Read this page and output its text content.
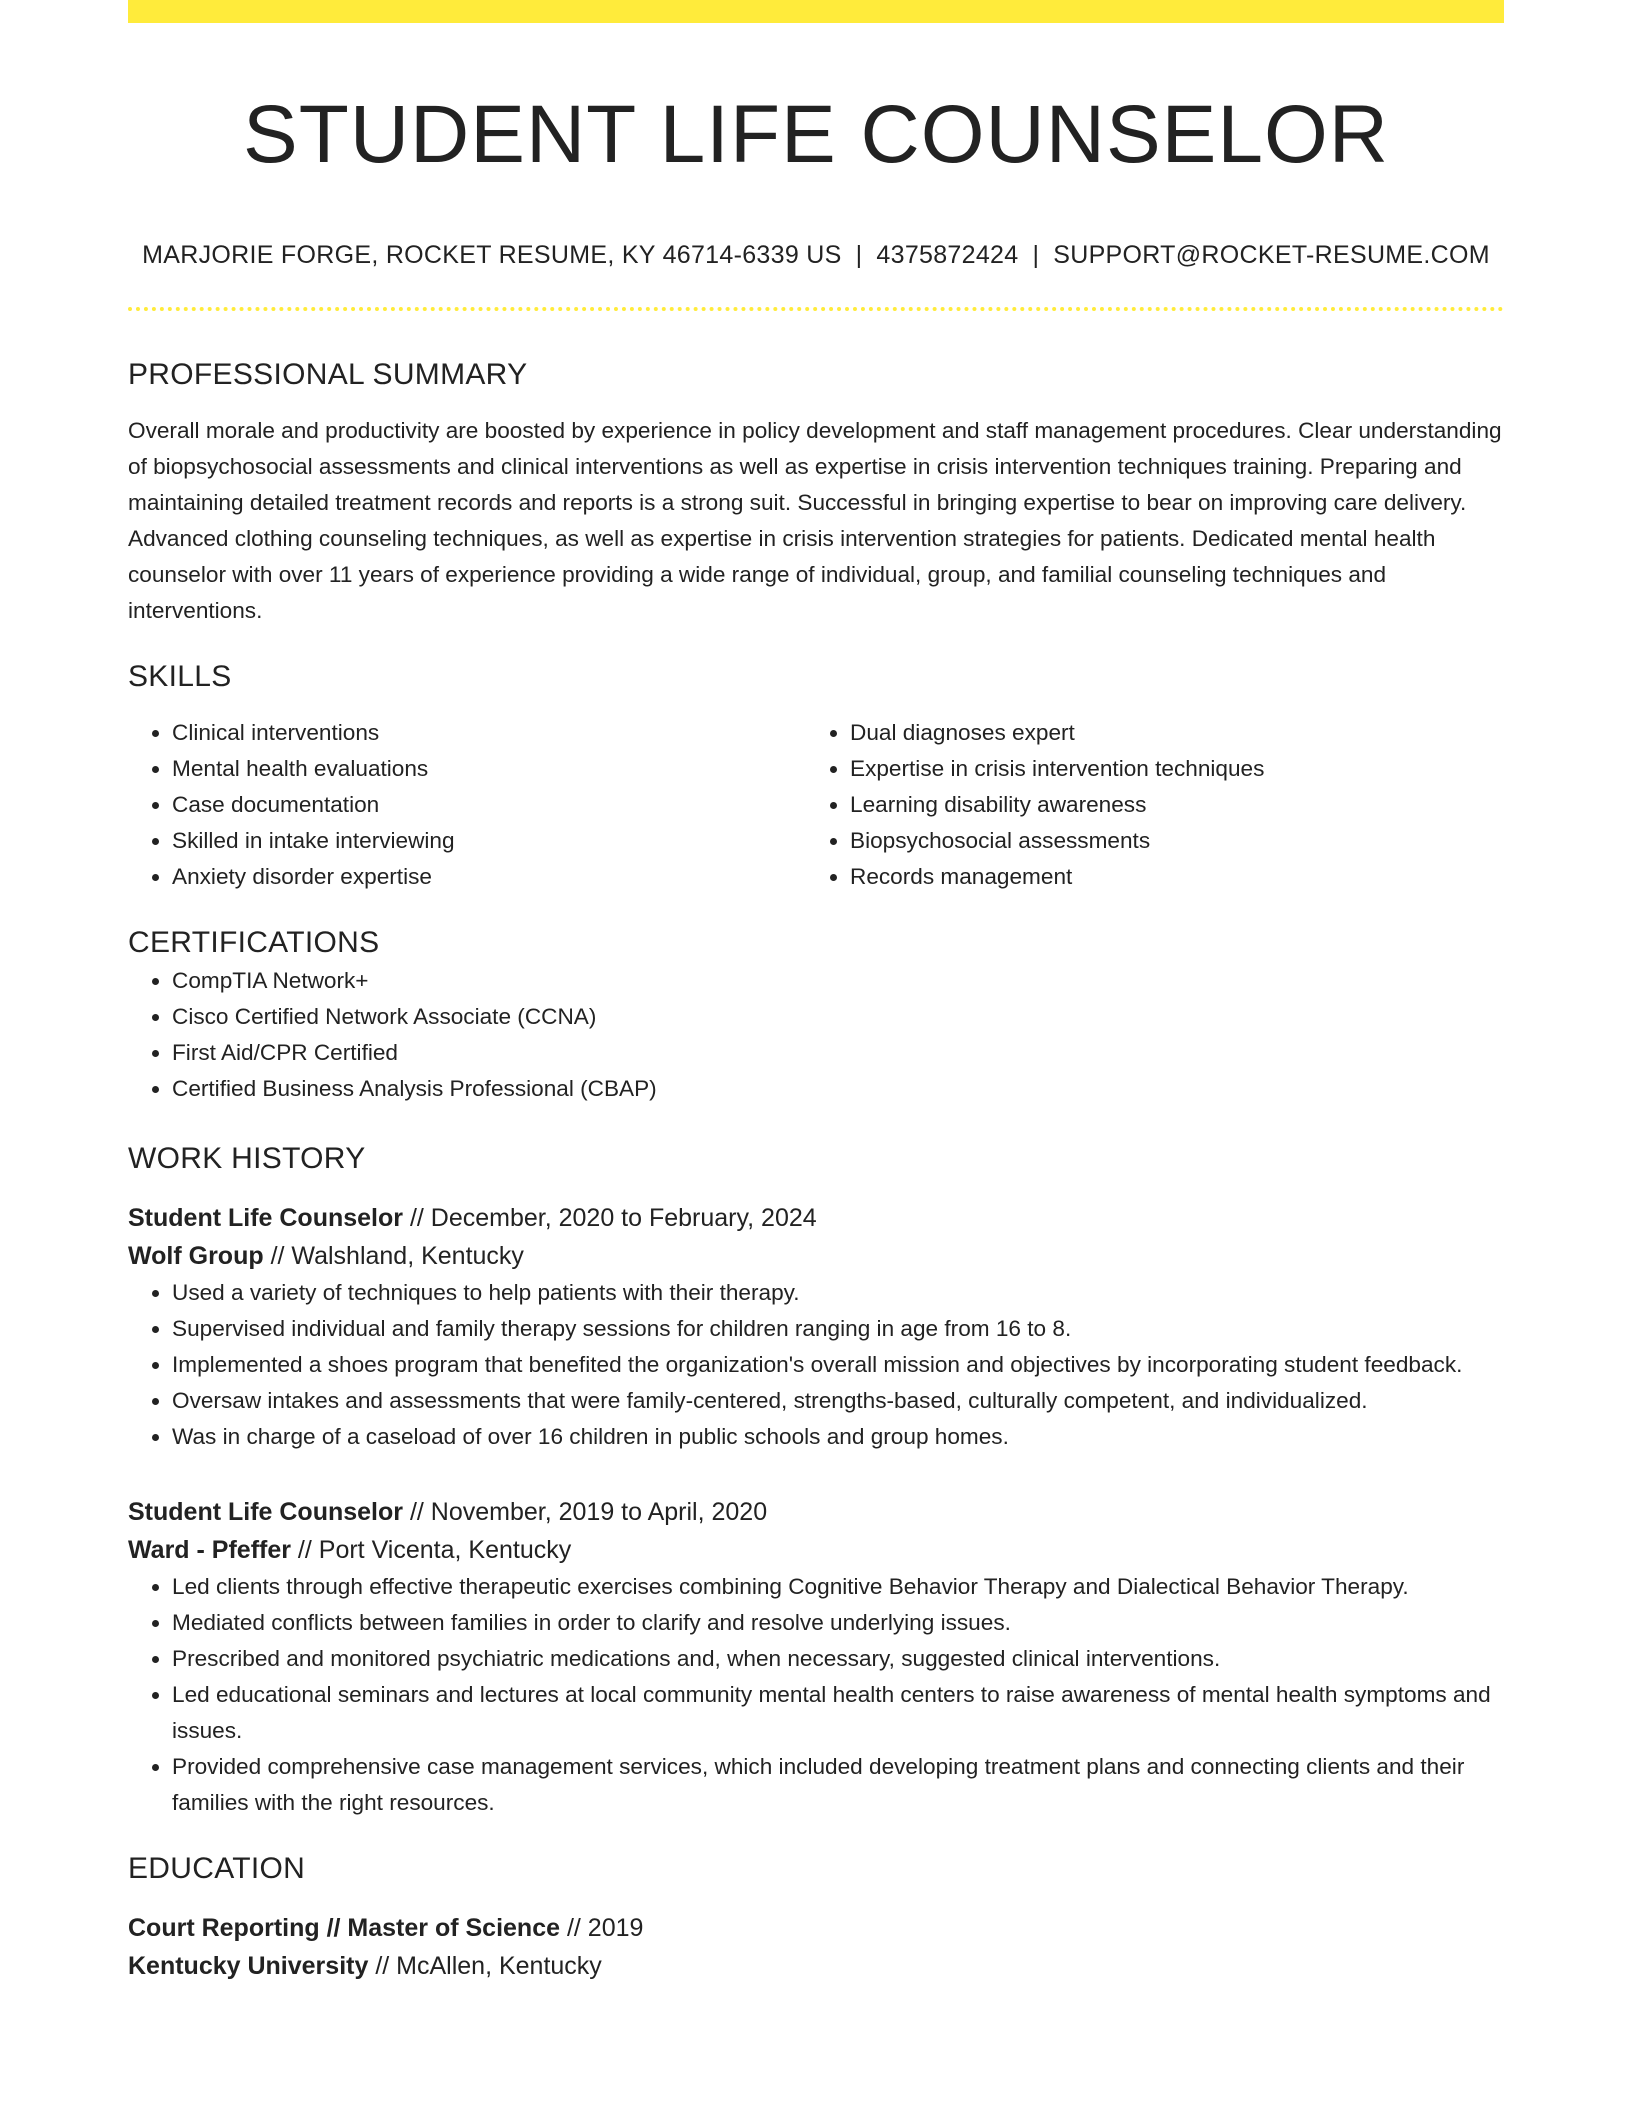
STUDENT LIFE COUNSELOR
MARJORIE FORGE, ROCKET RESUME, KY 46714-6339 US | 4375872424 | SUPPORT@ROCKET-RESUME.COM
PROFESSIONAL SUMMARY

Overall morale and productivity are boosted by experience in policy development and staff management procedures. Clear understanding of biopsychosocial assessments and clinical interventions as well as expertise in crisis intervention techniques training. Preparing and maintaining detailed treatment records and reports is a strong suit. Successful in bringing expertise to bear on improving care delivery. Advanced clothing counseling techniques, as well as expertise in crisis intervention strategies for patients. Dedicated mental health counselor with over 11 years of experience providing a wide range of individual, group, and familial counseling techniques and interventions.

SKILLS
• Clinical interventions
• Mental health evaluations
• Case documentation
• Skilled in intake interviewing
• Anxiety disorder expertise
• Dual diagnoses expert
• Expertise in crisis intervention techniques
• Learning disability awareness
• Biopsychosocial assessments
• Records management
CERTIFICATIONS
• CompTIA Network+
• Cisco Certified Network Associate (CCNA)
• First Aid/CPR Certified
• Certified Business Analysis Professional (CBAP)
WORK HISTORY
Student Life Counselor // December, 2020 to February, 2024
Wolf Group // Walshland, Kentucky
• Used a variety of techniques to help patients with their therapy.
• Supervised individual and family therapy sessions for children ranging in age from 16 to 8.
• Implemented a shoes program that benefited the organization's overall mission and objectives by incorporating student feedback.
• Oversaw intakes and assessments that were family-centered, strengths-based, culturally competent, and individualized.
• Was in charge of a caseload of over 16 children in public schools and group homes.
Student Life Counselor // November, 2019 to April, 2020
Ward - Pfeffer // Port Vicenta, Kentucky
• Led clients through effective therapeutic exercises combining Cognitive Behavior Therapy and Dialectical Behavior Therapy.
• Mediated conflicts between families in order to clarify and resolve underlying issues.
• Prescribed and monitored psychiatric medications and, when necessary, suggested clinical interventions.
• Led educational seminars and lectures at local community mental health centers to raise awareness of mental health symptoms and issues.
• Provided comprehensive case management services, which included developing treatment plans and connecting clients and their families with the right resources.
EDUCATION
Court Reporting // Master of Science // 2019
Kentucky University // McAllen, Kentucky
